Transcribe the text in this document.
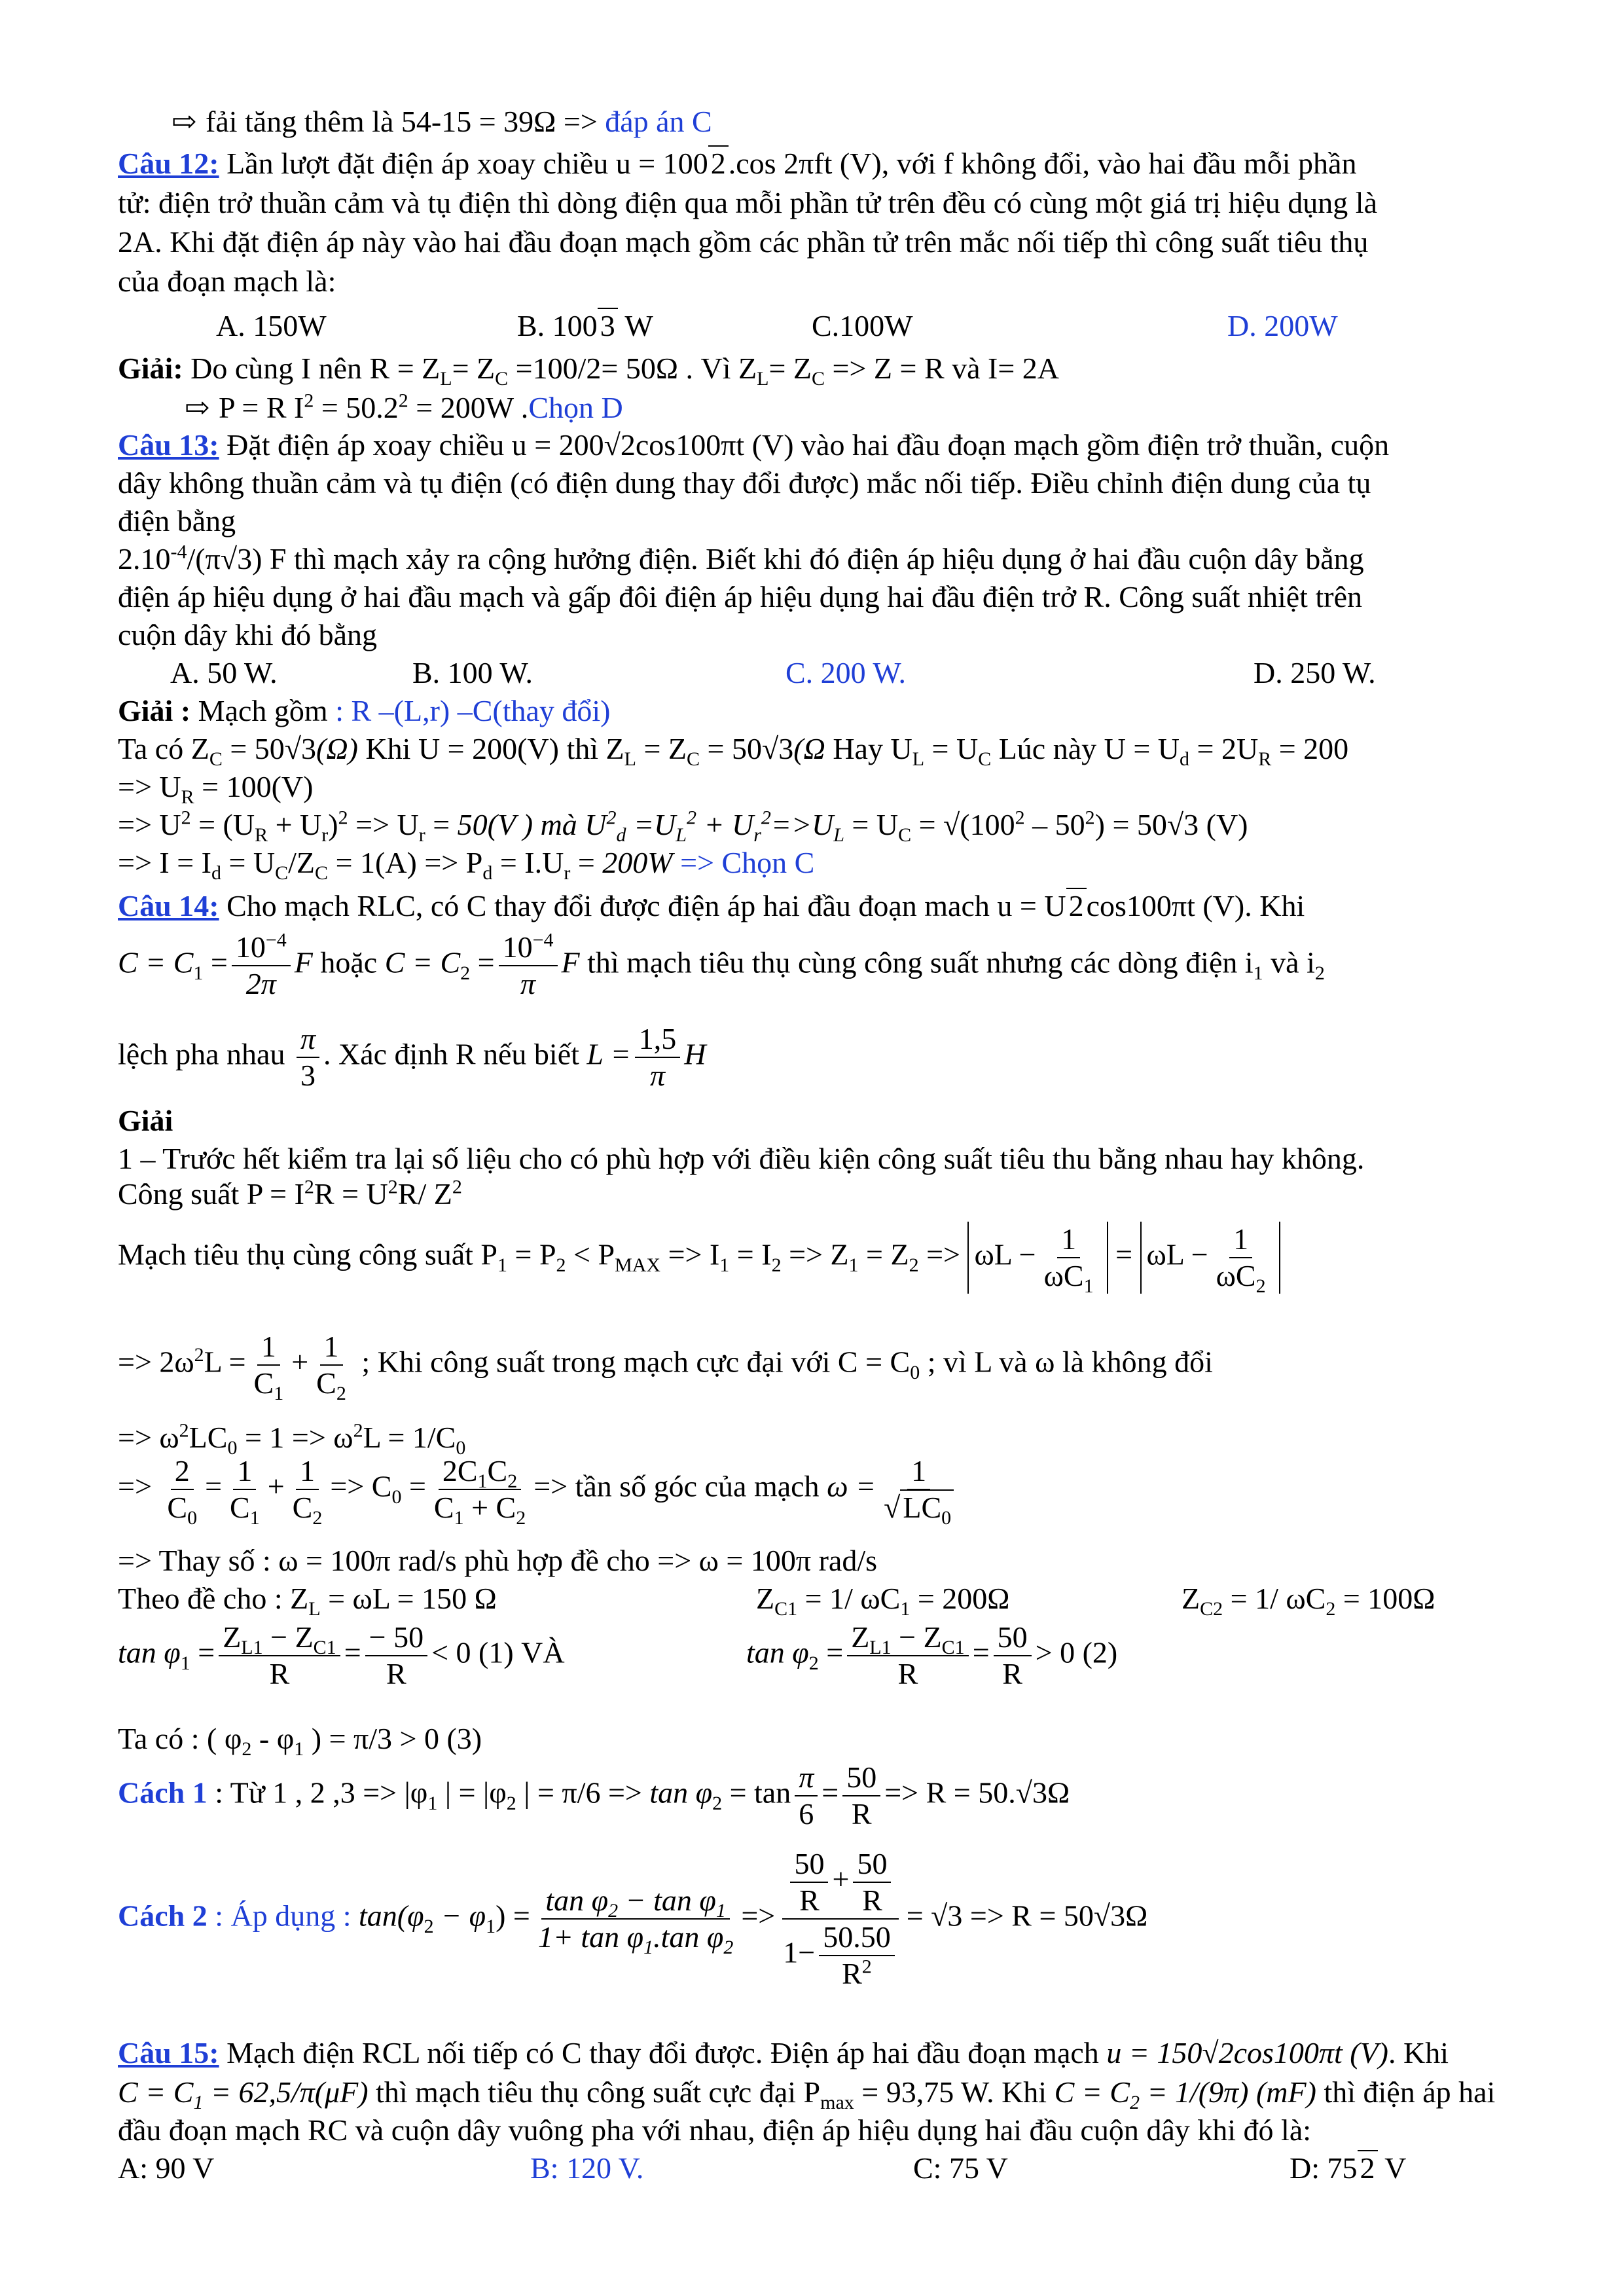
⇨ fải tăng thêm là 54-15 = 39Ω => đáp án C
Câu 12: Lần lượt đặt điện áp xoay chiều u = 1002.cos 2πft (V), với f không đổi, vào hai đầu mỗi phần
tử: điện trở thuần cảm và tụ điện thì dòng điện qua mỗi phần tử trên đều có cùng một giá trị hiệu dụng là
2A. Khi đặt điện áp này vào hai đầu đoạn mạch gồm các phần tử trên mắc nối tiếp thì công suất tiêu thụ
của đoạn mạch là:
A. 150W	B. 1003 W	C.100W	D. 200W
Giải: Do cùng I nên $R = Z_L= Z_C =100/2= 50\Omega$ . Vì $Z_L= Z_C => Z = R$ và I= 2A
⇨ P = R $I^2 = 50.2^2 = 200W$ .Chọn D
Câu 13: Đặt điện áp xoay chiều u = 200√2cos100πt (V) vào hai đầu đoạn mạch gồm điện trở thuần, cuộn
dây không thuần cảm và tụ điện (có điện dung thay đổi được) mắc nối tiếp. Điều chỉnh điện dung của tụ
điện bằng
$2.10^{-4}/(\pi√3)$ F thì mạch xảy ra cộng hưởng điện. Biết khi đó điện áp hiệu dụng ở hai đầu cuộn dây bằng
điện áp hiệu dụng ở hai đầu mạch và gấp đôi điện áp hiệu dụng hai đầu điện trở R. Công suất nhiệt trên
cuộn dây khi đó bằng
A. 50 W.	B. 100 W.	C. 200 W.	D. 250 W.
Giải : Mạch gồm : R –(L,r) –C(thay đổi)
Ta có $Z_C = 50√3(\Omega)$ Khi U = 200(V) thì $Z_L = Z_C = 50√3(\Omega$ Hay $U_L = U_C$ Lúc này $U = U_d = 2U_R = 200$
=> $U_R = 100(V)$
=> $U^2 = (U_R + U_r)^2 => U_r = 50(V$ ) mà $U^2_d =U_L^2 + U_r^2=>U_L = U_C = √(100^2 - 50^2) = 50√3$ (V)
=> $I = I_d = U_C/Z_C = 1(A) => P_d = I.U_r = 200W$ => Chọn C
Câu 14: Cho mạch RLC, có C thay đổi được điện áp hai đầu đoạn mach u = U2cos100πt (V). Khi
$C = C_1 = \frac{10^{-4}}{2\pi}$ F hoặc $C = C_2 = \frac{10^{-4}}{\pi}$ F thì mạch tiêu thụ cùng công suất nhưng các dòng điện $i_1$ và $i_2$
lệch pha nhau $\frac{\pi}{3}$ . Xác định R nếu biết $L = \frac{1,5}{\pi}$ H
Giải
1 – Trước hết kiểm tra lại số liệu cho có phù hợp với điều kiện công suất tiêu thu bằng nhau hay không.
Công suất $P = I^2R = U^2R/$ $Z^2$
Mạch tiêu thụ cùng công suất $P_1 = P_2 < P_{MAX} => I_1 = I_2 => Z_1 = Z_2 => \omega L - \frac{1}{\omega C_1} = \omega L - \frac{1}{\omega C_2}$
=> $2\omega^2L = \frac{1}{C_1} + \frac{1}{C_2}$ ; Khi công suất trong mạch cực đại với $C = C_0$ ; vì L và ω là không đổi
=> $\omega^2LC_0 = 1 => \omega^2L = 1/C_0$
=> $\frac{2}{C_0} = \frac{1}{C_1} + \frac{1}{C_2} => C_0 = \frac{2C_1C_2}{C_1 + C_2}$ => tần số góc của mạch $\omega = \frac{1}{√LC_0}$
=> Thay số : ω = 100π rad/s phù hợp đề cho => ω = 100π rad/s
Theo đề cho : $Z_L = \omega L = 150$ Ω	$Z_{C1} = 1/$ $\omega C_1 = 200\Omega$	$Z_{C2} = 1/$ $\omega C_2 = 100\Omega$
$\tan \varphi_1 = \frac{Z_{L1} - Z_{C1}}{R} = \frac{- 50}{R} < 0$ (1) VÀ	$\tan \varphi_2 = \frac{Z_{L1} - Z_{C1}}{R} = \frac{50}{R} > 0$ (2)
Ta có : ( $\varphi_2 - \varphi_1$ ) = π/3 > 0 (3)
Cách 1 : Từ 1 , 2 $,3 => |\varphi_1$ | = $|\varphi_2$ | = $\pi/6 => \tan \varphi_2 = \tan \frac{\pi}{6} = \frac{50}{R} => R = 50.√3\Omega$
Cách 2 : Áp dụng : $\tan(\varphi_2 - \varphi_1) = \frac{\tan \varphi_2 - \tan \varphi_1}{1+ \tan \varphi_1.\tan \varphi_2} => \frac{\frac{50}{R} + \frac{50}{R}}{1- \frac{50.50}{R^2}} = √3 => R = 50√3\Omega$
Câu 15: Mạch điện RCL nối tiếp có C thay đổi được. Điện áp hai đầu đoạn mạch u = 150√2cos100πt (V). Khi
$C = C_1 = 62,5/\pi(\mu F)$ thì mạch tiêu thụ công suất cực đại $P_{max} = 93,75$ W. Khi $C = C_2 = 1/(9\pi)$ (mF) thì điện áp hai
đầu đoạn mạch RC và cuộn dây vuông pha với nhau, điện áp hiệu dụng hai đầu cuộn dây khi đó là:
A: 90 V	B: 120 V.	C: 75 V	D: 752 V
